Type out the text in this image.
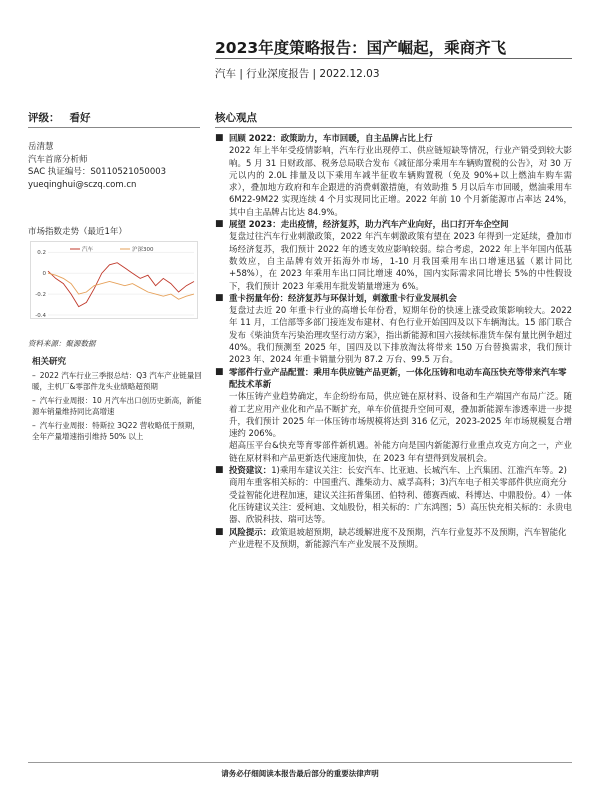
2023年度策略报告：国产崛起，乘商齐飞
汽车 | 行业深度报告 | 2022.12.03
评级： 看好	核心观点
岳清慧
汽车首席分析师
SAC 执证编号：S0110521050003
yueqinghui@sczq.com.cn
市场指数走势（最近1年）
0.2
0
-0.2
-0.4
汽车	沪深300
资料来源：聚源数据
相关研究
– 2022 汽车行业三季报总结：Q3 汽车产业链量回暖，主机厂&零部件龙头业绩略超预期
– 汽车行业周报：10 月汽车出口创历史新高，新能源车销量维持同比高增速
– 汽车行业周报：特斯拉 3Q22 营收略低于预期，全年产量增速指引维持 50% 以上
■ 回顾 2022：政策助力，车市回暖，自主品牌占比上行
2022 年上半年受疫情影响，汽车行业出现停工、供应链短缺等情况，行业产销受到较大影响。5 月 31 日财政部、税务总局联合发布《减征部分乘用车车辆购置税的公告》，对 30 万元以内的 2.0L 排量及以下乘用车减半征收车辆购置税（免及 90%+以上燃油车购车需求），叠加地方政府和车企跟进的消费刺激措施，有效助推 5 月以后车市回暖，燃油乘用车 6M22-9M22 实现连续 4 个月实现同比正增。2022 年前 10 个月新能源市占率达 24%，其中自主品牌占比达 84.9%。
■ 展望 2023：走出疫情，经济复苏，助力汽车产业向好，出口打开车企空间
复盘过往汽车行业刺激政策，2022 年汽车刺激政策有望在 2023 年得到一定延续，叠加市场经济复苏，我们预计 2022 年的透支效应影响较弱。综合考虑，2022 年上半年国内低基数效应，自主品牌有效开拓海外市场，1-10 月我国乘用车出口增速迅猛（累计同比+58%），在 2023 年乘用车出口同比增速 40%，国内实际需求同比增长 5%的中性假设下，我们预计 2023 年乘用车批发销量增速为 6%。
■ 重卡拐量年份：经济复苏与环保计划，刺激重卡行业发展机会
复盘过去近 20 年重卡行业的高增长年份看，短期年份的快速上涨受政策影响较大。2022 年 11 月，工信部等多部门接连发布建材、有色行业开始国四及以下车辆淘汰。15 部门联合发布《柴油货车污染治理攻坚行动方案》，指出新能源和国六接续标准货车保有量比例争超过 40%。我们预测至 2025 年，国四及以下排放淘汰将带来 150 万台替换需求，我们预计 2023 年、2024 年重卡销量分别为 87.2 万台、99.5 万台。
■ 零部件行业产品配置：乘用车供应链产品更新，一体化压铸和电动车高压快充等带来汽车零配技术革新
一体压铸产业趋势确定，车企纷纷布局，供应链在原材料、设备和生产端国产布局广泛。随着工艺应用产业化和产品不断扩充，单车价值提升空间可观，叠加新能源车渗透率进一步提升，我们预计 2025 年一体压铸市场规模将达到 316 亿元，2023-2025 年市场规模复合增速约 206%。
超高压平台&快充等育零部件新机遇。补能方向是国内新能源行业重点攻克方向之一，产业链在原材料和产品更新迭代速度加快，在 2023 年有望得到发展机会。
■ 投资建议：1)乘用车建议关注：长安汽车、比亚迪、长城汽车、上汽集团、江淮汽车等。2) 商用车重客相关标的：中国重汽、潍柴动力、威孚高科；3)汽车电子相关零部件供应商充分受益智能化进程加速，建议关注拓普集团、伯特利、德赛西威、科博达、中鼎股份。4）一体化压铸建议关注：爱柯迪、文灿股份，相关标的：广东鸿图；5）高压快充相关标的：永贵电器、欣锐科技、瑞可达等。
■ 风险提示：政策退坡超预期，缺芯缓解进度不及预期，汽车行业复苏不及预期，汽车智能化产业进程不及预期，新能源汽车产业发展不及预期。
请务必仔细阅读本报告最后部分的重要法律声明
